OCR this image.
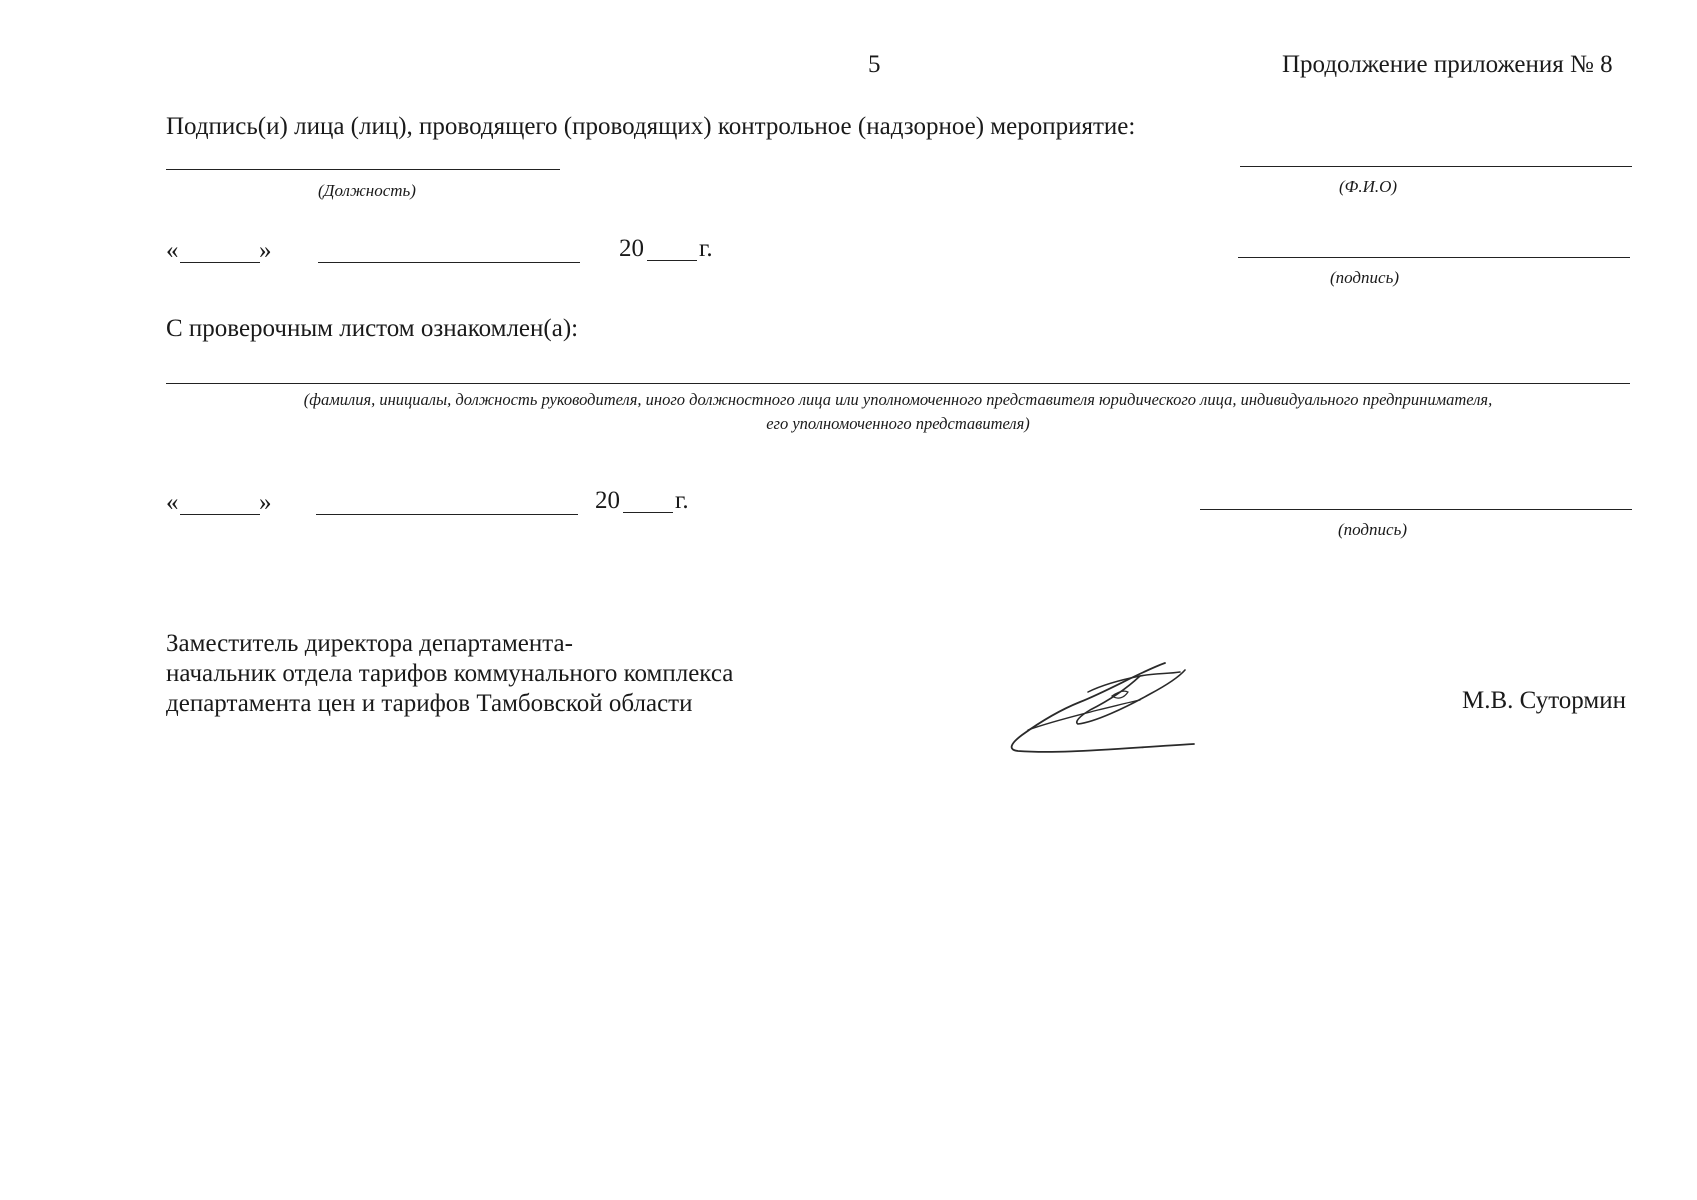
5	Продолжение приложения № 8
Подпись(и) лица (лиц), проводящего (проводящих) контрольное (надзорное) мероприятие:
(Должность)	(Ф.И.О)
«	»	20 г.
(подпись)
С проверочным листом ознакомлен(а):
(фамилия, инициалы, должность руководителя, иного должностного лица или уполномоченного представителя юридического лица, индивидуального предпринимателя,
его уполномоченного представителя)
«	»	20 г.
(подпись)
Заместитель директора департамента-
начальник отдела тарифов коммунального комплекса
департамента цен и тарифов Тамбовской области	М.В. Сутормин
